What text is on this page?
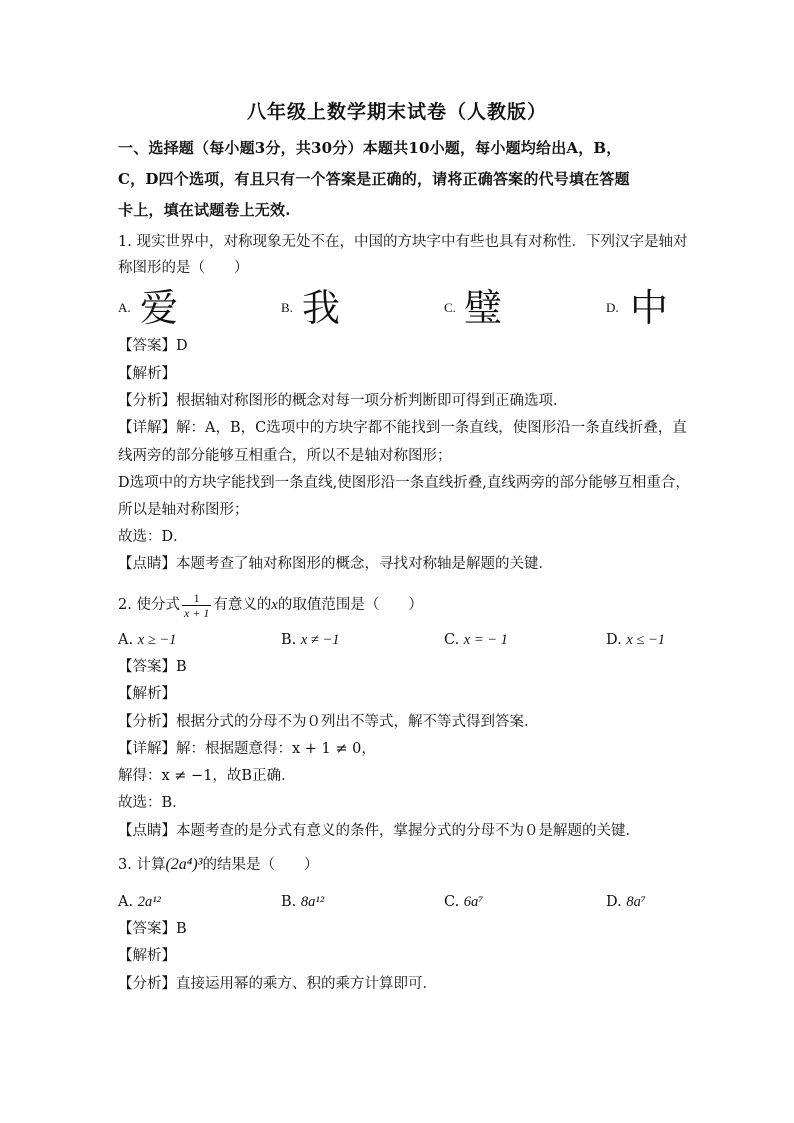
八年级上数学期末试卷（人教版）
一、选择题（每小题3分，共30分）本题共10小题，每小题均给出A，B，
C，D四个选项，有且只有一个答案是正确的，请将正确答案的代号填在答题
卡上，填在试题卷上无效.
1. 现实世界中，对称现象无处不在，中国的方块字中有些也具有对称性．下列汉字是轴对
称图形的是（　　）
A. 爱	B. 我	C. 璧	D. 中
【答案】D
【解析】
【分析】根据轴对称图形的概念对每一项分析判断即可得到正确选项．
【详解】解：A，B，C选项中的方块字都不能找到一条直线，使图形沿一条直线折叠，直
线两旁的部分能够互相重合，所以不是轴对称图形；
D选项中的方块字能找到一条直线,使图形沿一条直线折叠,直线两旁的部分能够互相重合，
所以是轴对称图形；
故选：D．
【点睛】本题考查了轴对称图形的概念，寻找对称轴是解题的关键．
2. 使分式 $\frac{1}{x + 1}$ 有意义的x的取值范围是（　　）
A. x ≥ −1	B. x ≠ −1	C. x = − 1	D. x ≤ −1
【答案】B
【解析】
【分析】根据分式的分母不为０列出不等式，解不等式得到答案．
【详解】解：根据题意得：x + 1 ≠ 0，
解得：x ≠ −1，故B正确．
故选：B．
【点睛】本题考查的是分式有意义的条件，掌握分式的分母不为０是解题的关键．
3. 计算(2a⁴)³的结果是（　　）
A. 2a¹²	B. 8a¹²	C. 6a⁷	D. 8a⁷
【答案】B
【解析】
【分析】直接运用幂的乘方、积的乘方计算即可．
